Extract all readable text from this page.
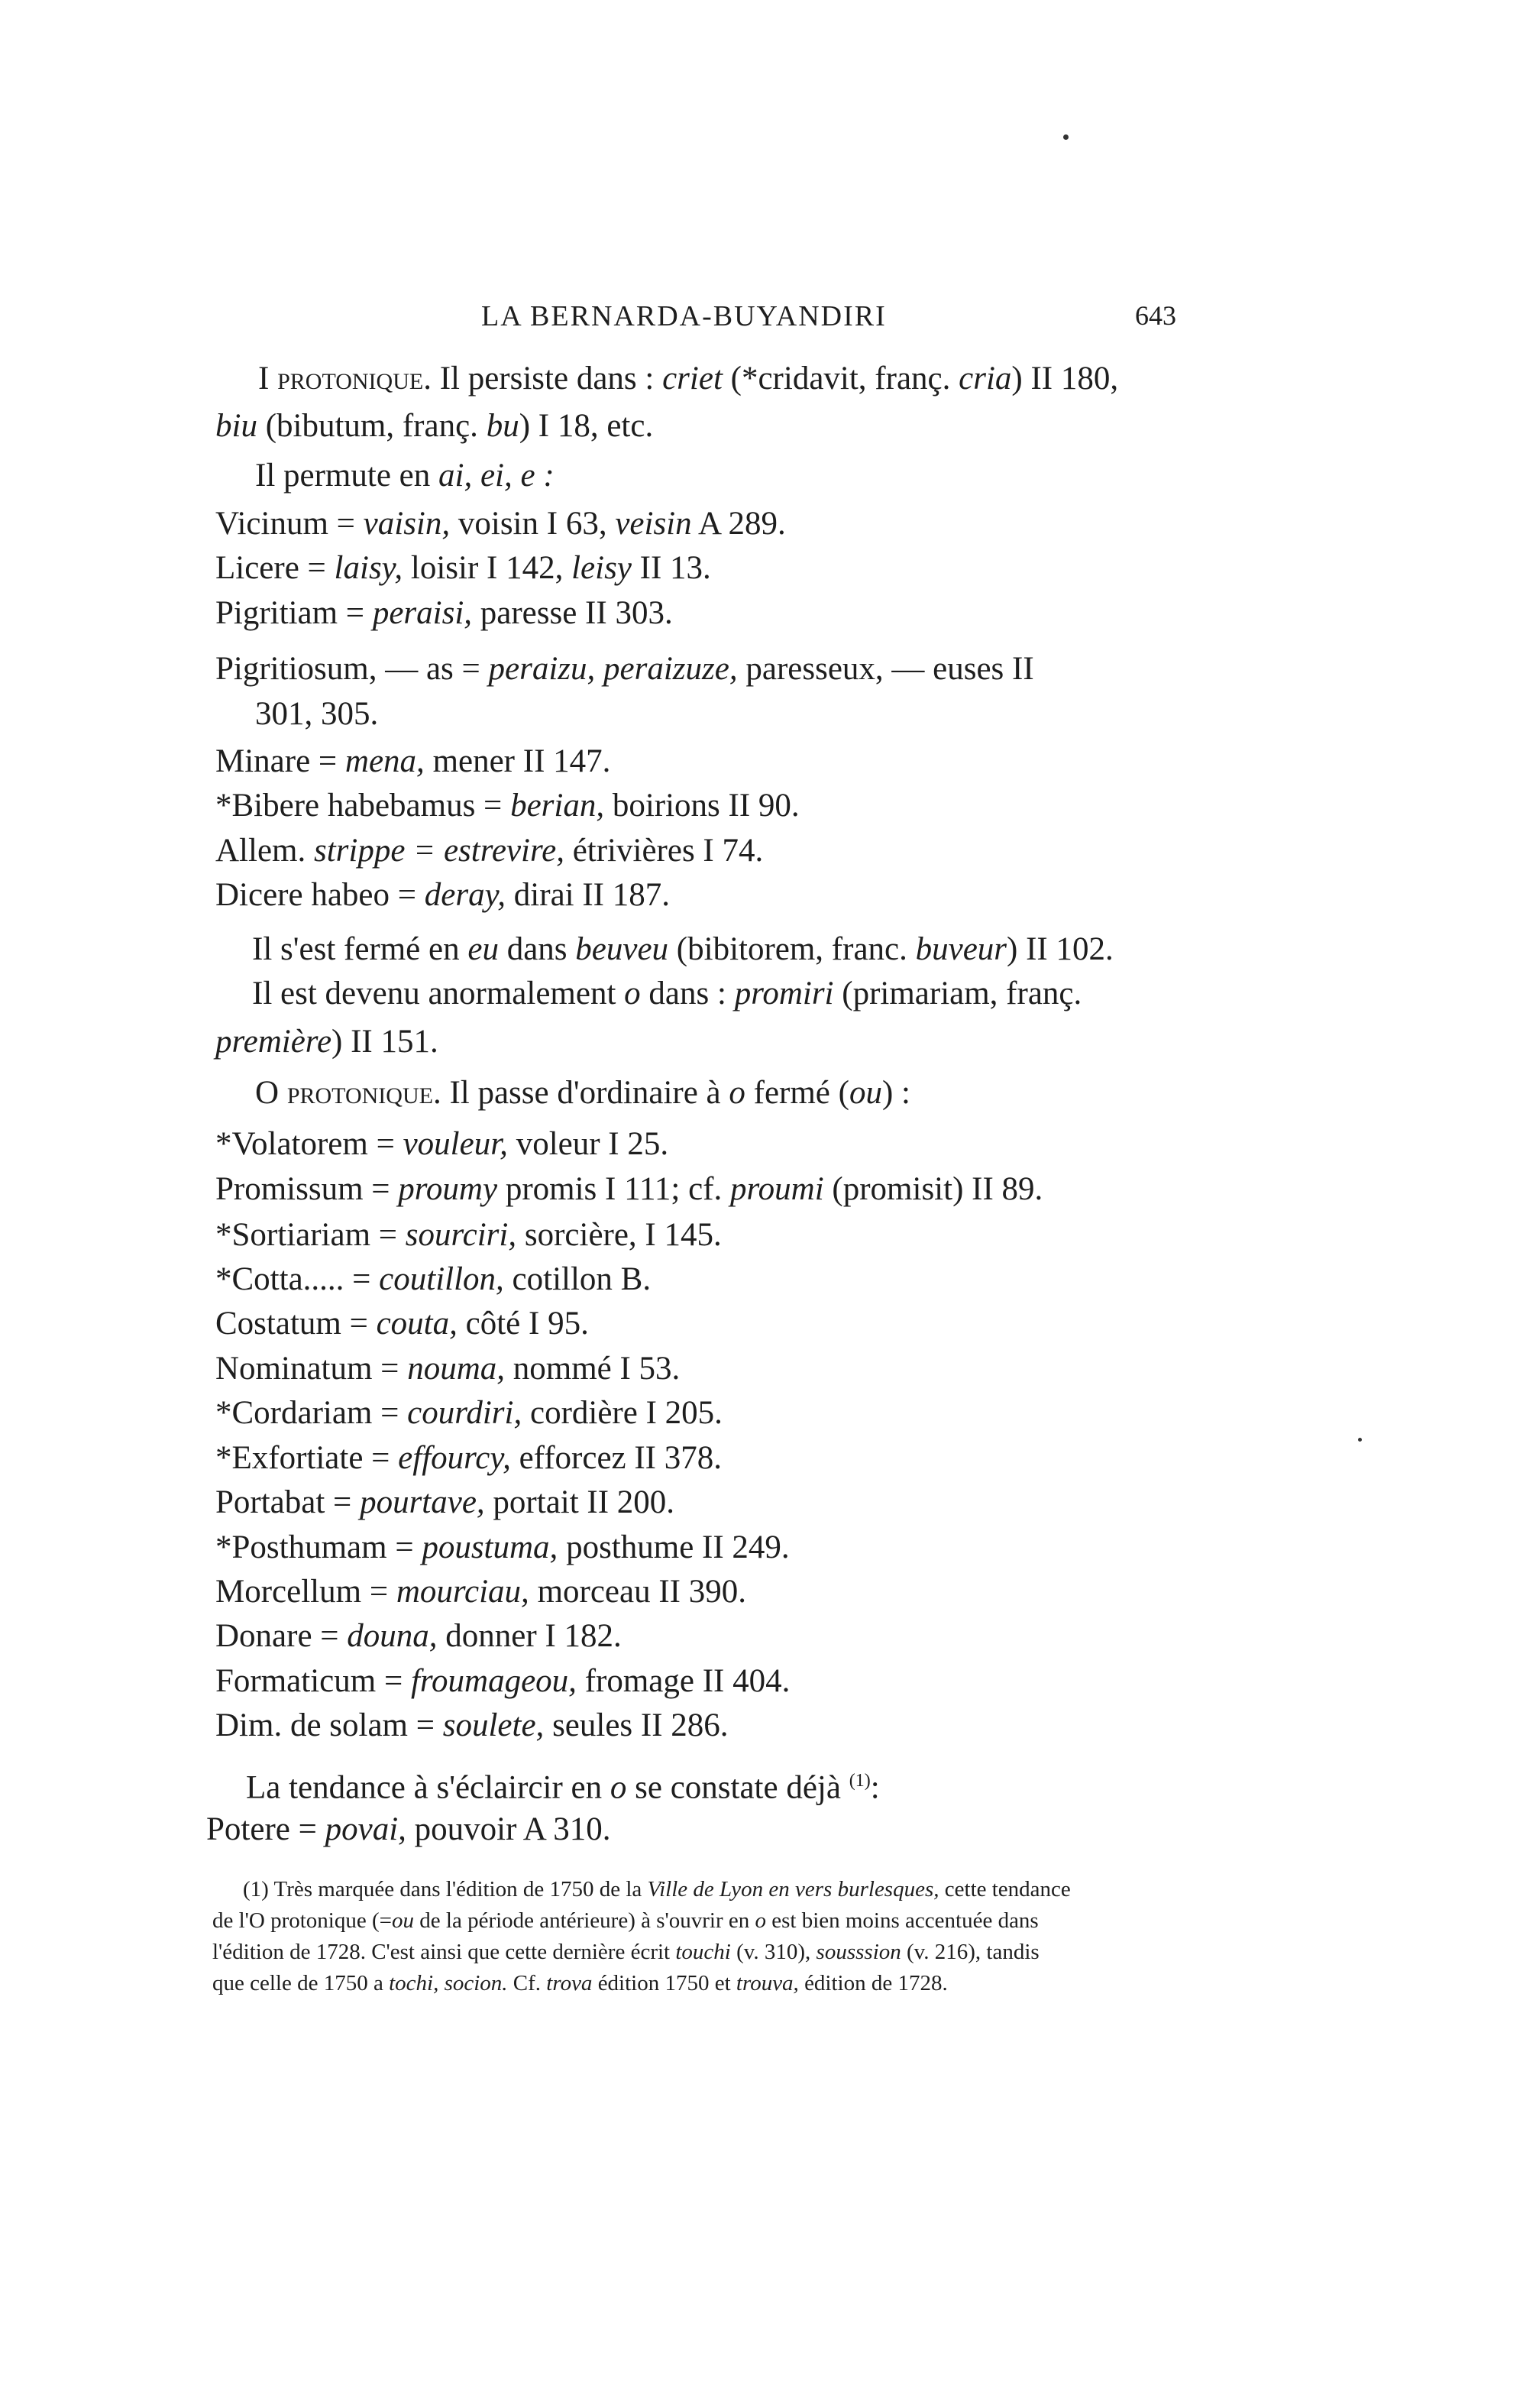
LA BERNARDA-BUYANDIRI	643
I protonique. Il persiste dans : criet (*cridavit, franç. cria) II 180,
biu (bibutum, franç. bu) I 18, etc.
Il permute en ai, ei, e :
Vicinum = vaisin, voisin I 63, veisin A 289.
Licere = laisy, loisir I 142, leisy II 13.
Pigritiam = peraisi, paresse II 303.
Pigritiosum, — as = peraizu, peraizuze, paresseux, — euses II
301, 305.
Minare = mena, mener II 147.
*Bibere habebamus = berian, boirions II 90.
Allem. strippe = estrevire, étrivières I 74.
Dicere habeo = deray, dirai II 187.
Il s'est fermé en eu dans beuveu (bibitorem, franc. buveur) II 102.
Il est devenu anormalement o dans : promiri (primariam, franç.
première) II 151.
O protonique. Il passe d'ordinaire à o fermé (ou) :
*Volatorem = vouleur, voleur I 25.
Promissum = proumy promis I 111; cf. proumi (promisit) II 89.
*Sortiariam = sourciri, sorcière, I 145.
*Cotta..... = coutillon, cotillon B.
Costatum = couta, côté I 95.
Nominatum = nouma, nommé I 53.
*Cordariam = courdiri, cordière I 205.
*Exfortiate = effourcy, efforcez II 378.
Portabat = pourtave, portait II 200.
*Posthumam = poustuma, posthume II 249.
Morcellum = mourciau, morceau II 390.
Donare = douna, donner I 182.
Formaticum = froumageou, fromage II 404.
Dim. de solam = soulete, seules II 286.
La tendance à s'éclaircir en o se constate déjà $^{(1)}$:
Potere = povai, pouvoir A 310.
(1) Très marquée dans l'édition de 1750 de la Ville de Lyon en vers burlesques, cette tendance
de l'O protonique (=ou de la période antérieure) à s'ouvrir en o est bien moins accentuée dans
l'édition de 1728. C'est ainsi que cette dernière écrit touchi (v. 310), sousssion (v. 216), tandis
que celle de 1750 a tochi, socion. Cf. trova édition 1750 et trouva, édition de 1728.
